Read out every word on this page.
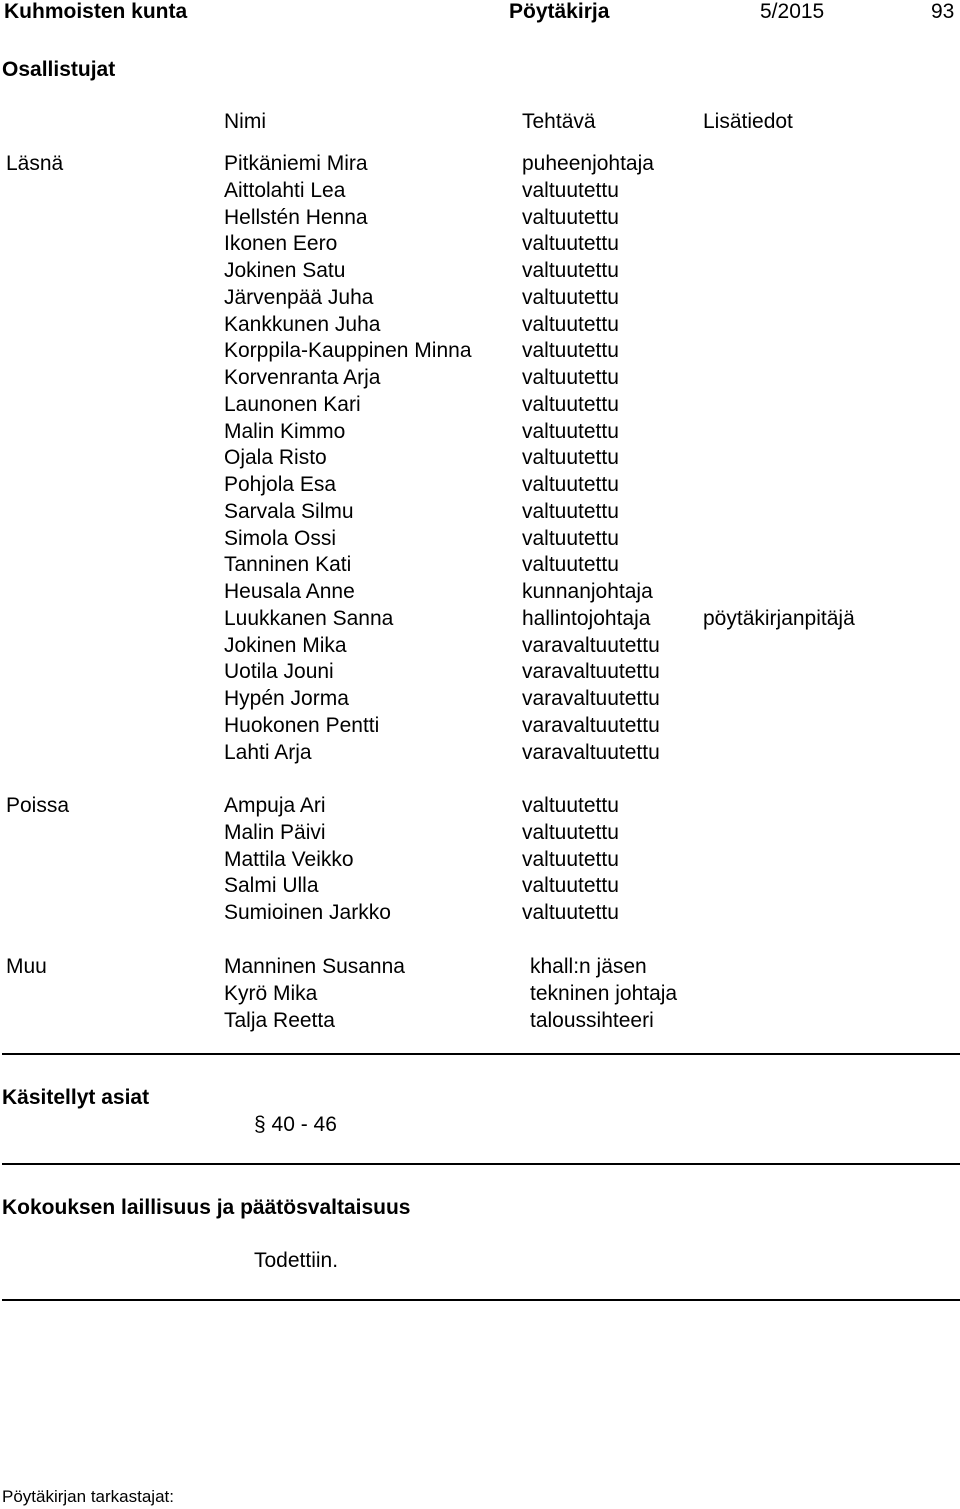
Kuhmoisten kunta	Pöytäkirja	5/2015	93
Osallistujat
Nimi	Tehtävä	Lisätiedot
Läsnä	Pitkäniemi Mira	puheenjohtaja
Aittolahti Lea	valtuutettu
Hellstén Henna	valtuutettu
Ikonen Eero	valtuutettu
Jokinen Satu	valtuutettu
Järvenpää Juha	valtuutettu
Kankkunen Juha	valtuutettu
Korppila-Kauppinen Minna valtuutettu
Korvenranta Arja	valtuutettu
Launonen Kari	valtuutettu
Malin Kimmo	valtuutettu
Ojala Risto	valtuutettu
Pohjola Esa	valtuutettu
Sarvala Silmu	valtuutettu
Simola Ossi	valtuutettu
Tanninen Kati	valtuutettu
Heusala Anne	kunnanjohtaja
Luukkanen Sanna	hallintojohtaja	pöytäkirjanpitäjä
Jokinen Mika	varavaltuutettu
Uotila Jouni	varavaltuutettu
Hypén Jorma	varavaltuutettu
Huokonen Pentti	varavaltuutettu
Lahti Arja	varavaltuutettu
Poissa	Ampuja Ari	valtuutettu
Malin Päivi	valtuutettu
Mattila Veikko	valtuutettu
Salmi Ulla	valtuutettu
Sumioinen Jarkko	valtuutettu
Muu	Manninen Susanna	khall:n jäsen
Kyrö Mika	tekninen johtaja
Talja Reetta	taloussihteeri
Käsitellyt asiat
§ 40 - 46
Kokouksen laillisuus ja päätösvaltaisuus
Todettiin.
Pöytäkirjan tarkastajat:
